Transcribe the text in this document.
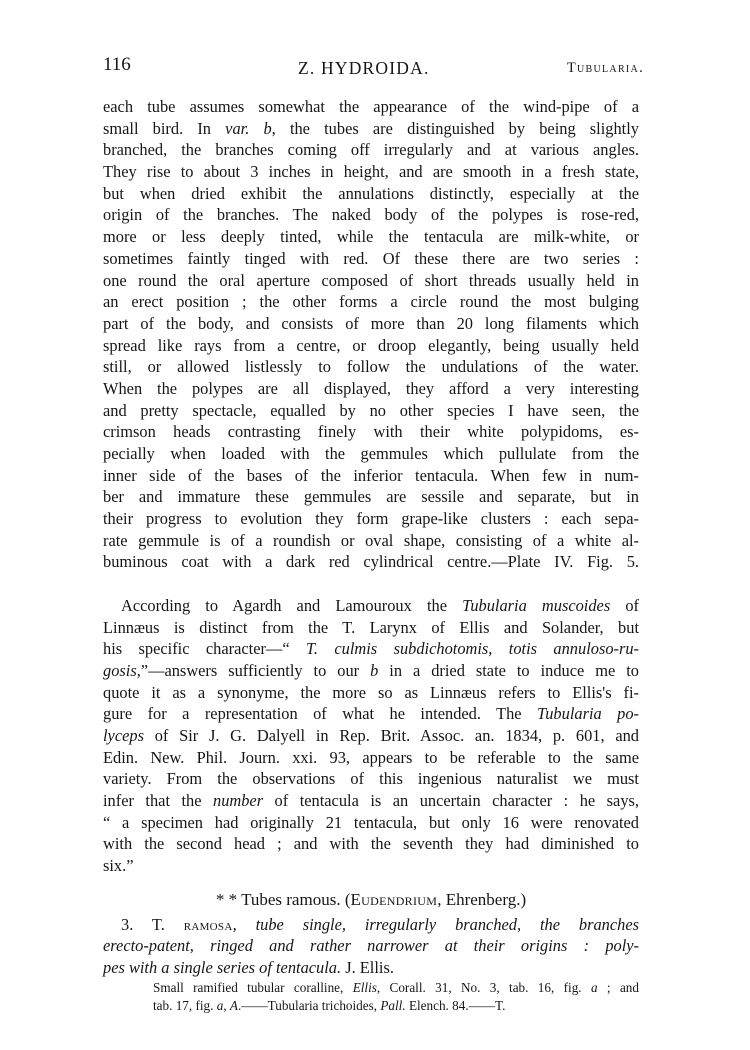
116	Z. HYDROIDA.	Tubularia.
each tube assumes somewhat the appearance of the wind-pipe of a
small bird. In var. b, the tubes are distinguished by being slightly
branched, the branches coming off irregularly and at various angles.
They rise to about 3 inches in height, and are smooth in a fresh state,
but when dried exhibit the annulations distinctly, especially at the
origin of the branches. The naked body of the polypes is rose-red,
more or less deeply tinted, while the tentacula are milk-white, or
sometimes faintly tinged with red. Of these there are two series :
one round the oral aperture composed of short threads usually held in
an erect position ; the other forms a circle round the most bulging
part of the body, and consists of more than 20 long filaments which
spread like rays from a centre, or droop elegantly, being usually held
still, or allowed listlessly to follow the undulations of the water.
When the polypes are all displayed, they afford a very interesting
and pretty spectacle, equalled by no other species I have seen, the
crimson heads contrasting finely with their white polypidoms, es-
pecially when loaded with the gemmules which pullulate from the
inner side of the bases of the inferior tentacula. When few in num-
ber and immature these gemmules are sessile and separate, but in
their progress to evolution they form grape-like clusters : each sepa-
rate gemmule is of a roundish or oval shape, consisting of a white al-
buminous coat with a dark red cylindrical centre.—Plate IV. Fig. 5.
According to Agardh and Lamouroux the Tubularia muscoides of
Linnæus is distinct from the T. Larynx of Ellis and Solander, but
his specific character—“ T. culmis subdichotomis, totis annuloso-ru-
gosis,”—answers sufficiently to our b in a dried state to induce me to
quote it as a synonyme, the more so as Linnæus refers to Ellis's fi-
gure for a representation of what he intended. The Tubularia po-
lyceps of Sir J. G. Dalyell in Rep. Brit. Assoc. an. 1834, p. 601, and
Edin. New. Phil. Journ. xxi. 93, appears to be referable to the same
variety. From the observations of this ingenious naturalist we must
infer that the number of tentacula is an uncertain character : he says,
“ a specimen had originally 21 tentacula, but only 16 were renovated
with the second head ; and with the seventh they had diminished to
six.”
* * Tubes ramous. (Eudendrium, Ehrenberg.)
3. T. ramosa, tube single, irregularly branched, the branches
erecto-patent, ringed and rather narrower at their origins : poly-
pes with a single series of tentacula. J. Ellis.
Small ramified tubular coralline, Ellis, Corall. 31, No. 3, tab. 16, fig. a ; and
tab. 17, fig. a, A.——Tubularia trichoides, Pall. Elench. 84.——T.
